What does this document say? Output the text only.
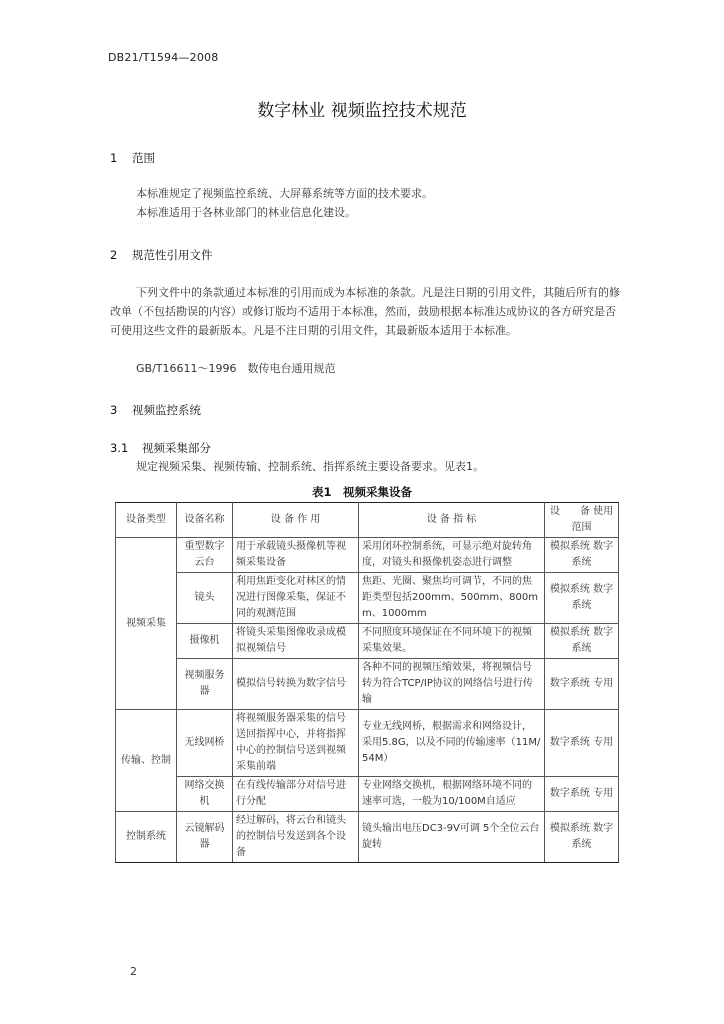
DB21/T1594—2008
数字林业 视频监控技术规范
1 范围
本标准规定了视频监控系统、大屏幕系统等方面的技术要求。
本标准适用于各林业部门的林业信息化建设。
2 规范性引用文件
下列文件中的条款通过本标准的引用而成为本标准的条款。凡是注日期的引用文件，其随后所有的修改单（不包括勘误的内容）或修订版均不适用于本标准，然而，鼓励根据本标准达成协议的各方研究是否可使用这些文件的最新版本。凡是不注日期的引用文件，其最新版本适用于本标准。
GB/T16611～1996　数传电台通用规范
3 视频监控系统
3.1 视频采集部分
规定视频采集、视频传输、控制系统、指挥系统主要设备要求。见表1。
表1　视频采集设备
设备类型	设备名称	设 备 作 用	设 备 指 标	设　　备 使用范围
视频采集	重型数字云台	用于承载镜头摄像机等视频采集设备	采用闭环控制系统，可显示绝对旋转角度，对镜头和摄像机姿态进行调整	模拟系统 数字系统
	镜头	利用焦距变化对林区的情况进行图像采集，保证不同的观测范围	焦距、光圈、聚焦均可调节，不同的焦距类型包括200mm、500mm、800mm、1000mm	模拟系统 数字系统
	摄像机	将镜头采集图像收录成模拟视频信号	不同照度环境保证在不同环境下的视频采集效果。	模拟系统 数字系统
	视频服务器	模拟信号转换为数字信号	各种不同的视频压缩效果，将视频信号转为符合TCP/IP协议的网络信号进行传输	数字系统 专用
传输、控制	无线网桥	将视频服务器采集的信号送回指挥中心，并将指挥中心的控制信号送到视频采集前端	专业无线网桥，根据需求和网络设计，采用5.8G，以及不同的传输速率（11M/54M）	数字系统 专用
	网络交换机	在有线传输部分对信号进行分配	专业网络交换机，根据网络环境不同的速率可选，一般为10/100M自适应	数字系统 专用
控制系统	云镜解码器	经过解码，将云台和镜头的控制信号发送到各个设备	镜头输出电压DC3-9V可调 5个全位云台旋转	模拟系统 数字系统
2
